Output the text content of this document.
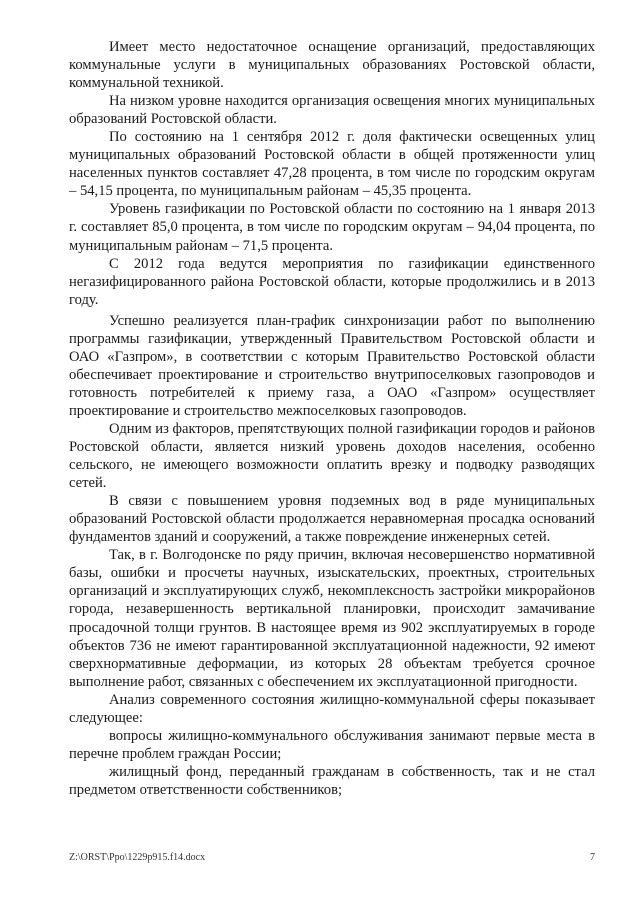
Имеет место недостаточное оснащение организаций, предоставляющих коммунальные услуги в муниципальных образованиях Ростовской области, коммунальной техникой.

На низком уровне находится организация освещения многих муниципальных образований Ростовской области.

По состоянию на 1 сентября 2012 г. доля фактически освещенных улиц муниципальных образований Ростовской области в общей протяженности улиц населенных пунктов составляет 47,28 процента, в том числе по городским округам – 54,15 процента, по муниципальным районам – 45,35 процента.

Уровень газификации по Ростовской области по состоянию на 1 января 2013 г. составляет 85,0 процента, в том числе по городским округам – 94,04 процента, по муниципальным районам – 71,5 процента.

С 2012 года ведутся мероприятия по газификации единственного негазифицированного района Ростовской области, которые продолжились и в 2013 году.

Успешно реализуется план-график синхронизации работ по выполнению программы газификации, утвержденный Правительством Ростовской области и ОАО «Газпром», в соответствии с которым Правительство Ростовской области обеспечивает проектирование и строительство внутрипоселковых газопроводов и готовность потребителей к приему газа, а ОАО «Газпром» осуществляет проектирование и строительство межпоселковых газопроводов.

Одним из факторов, препятствующих полной газификации городов и районов Ростовской области, является низкий уровень доходов населения, особенно сельского, не имеющего возможности оплатить врезку и подводку разводящих сетей.

В связи с повышением уровня подземных вод в ряде муниципальных образований Ростовской области продолжается неравномерная просадка оснований фундаментов зданий и сооружений, а также повреждение инженерных сетей.

Так, в г. Волгодонске по ряду причин, включая несовершенство нормативной базы, ошибки и просчеты научных, изыскательских, проектных, строительных организаций и эксплуатирующих служб, некомплексность застройки микрорайонов города, незавершенность вертикальной планировки, происходит замачивание просадочной толщи грунтов. В настоящее время из 902 эксплуатируемых в городе объектов 736 не имеют гарантированной эксплуатационной надежности, 92 имеют сверхнормативные деформации, из которых 28 объектам требуется срочное выполнение работ, связанных с обеспечением их эксплуатационной пригодности.

Анализ современного состояния жилищно-коммунальной сферы показывает следующее:

вопросы жилищно-коммунального обслуживания занимают первые места в перечне проблем граждан России;

жилищный фонд, переданный гражданам в собственность, так и не стал предметом ответственности собственников;

Z:\ORST\Ppo\1229p915.f14.docx	7
